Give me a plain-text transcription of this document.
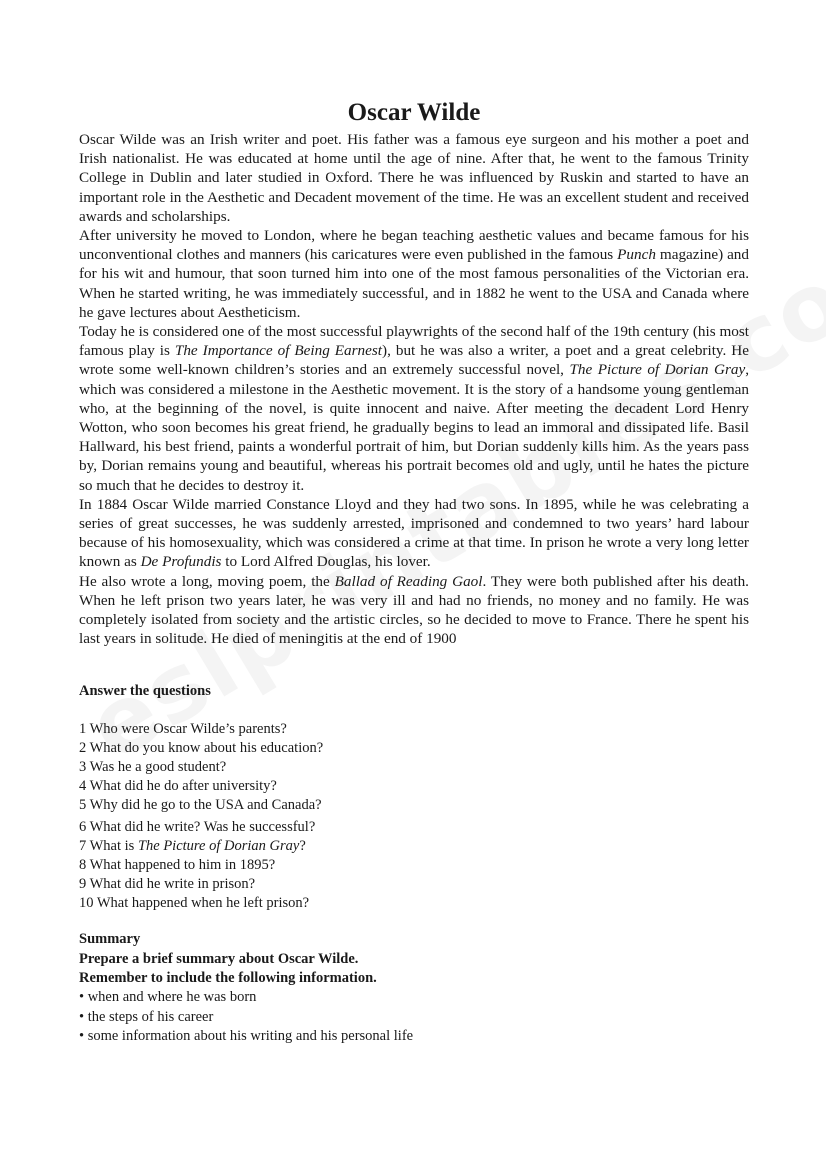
Oscar Wilde

Oscar Wilde was an Irish writer and poet. His father was a famous eye surgeon and his mother a poet and Irish nationalist. He was educated at home until the age of nine. After that, he went to the famous Trinity College in Dublin and later studied in Oxford. There he was influenced by Ruskin and started to have an important role in the Aesthetic and Decadent movement of the time. He was an excellent student and received awards and scholarships.

After university he moved to London, where he began teaching aesthetic values and became famous for his unconventional clothes and manners (his caricatures were even published in the famous Punch magazine) and for his wit and humour, that soon turned him into one of the most famous personalities of the Victorian era. When he started writing, he was immediately successful, and in 1882 he went to the USA and Canada where he gave lectures about Aestheticism.

Today he is considered one of the most successful playwrights of the second half of the 19th century (his most famous play is The Importance of Being Earnest), but he was also a writer, a poet and a great celebrity. He wrote some well-known children’s stories and an extremely successful novel, The Picture of Dorian Gray, which was considered a milestone in the Aesthetic movement. It is the story of a handsome young gentleman who, at the beginning of the novel, is quite innocent and naive. After meeting the decadent Lord Henry Wotton, who soon becomes his great friend, he gradually begins to lead an immoral and dissipated life. Basil Hallward, his best friend, paints a wonderful portrait of him, but Dorian suddenly kills him. As the years pass by, Dorian remains young and beautiful, whereas his portrait becomes old and ugly, until he hates the picture so much that he decides to destroy it.

In 1884 Oscar Wilde married Constance Lloyd and they had two sons. In 1895, while he was celebrating a series of great successes, he was suddenly arrested, imprisoned and condemned to two years’ hard labour because of his homosexuality, which was considered a crime at that time. In prison he wrote a very long letter known as De Profundis to Lord Alfred Douglas, his lover.

He also wrote a long, moving poem, the Ballad of Reading Gaol. They were both published after his death. When he left prison two years later, he was very ill and had no friends, no money and no family. He was completely isolated from society and the artistic circles, so he decided to move to France. There he spent his last years in solitude. He died of meningitis at the end of 1900

Answer the questions

1 Who were Oscar Wilde’s parents?

2 What do you know about his education?

3 Was he a good student?

4 What did he do after university?

5 Why did he go to the USA and Canada?

6 What did he write? Was he successful?

7 What is The Picture of Dorian Gray?

8 What happened to him in 1895?

9 What did he write in prison?

10 What happened when he left prison?

Summary

Prepare a brief summary about Oscar Wilde. Remember to include the following information.

• when and where he was born

• the steps of his career

• some information about his writing and his personal life
